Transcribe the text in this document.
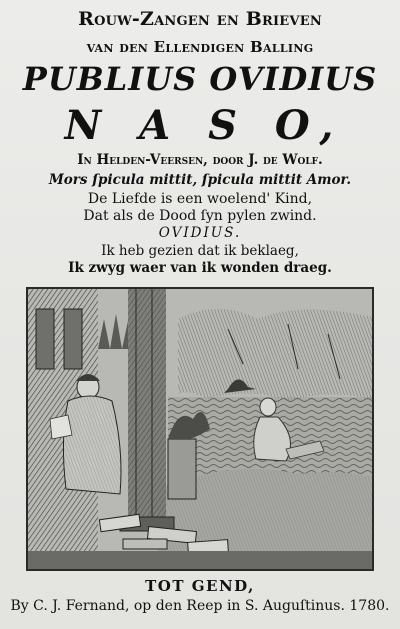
Rouw-Zangen en Brieven
van den Ellendigen Balling
PUBLIUS OVIDIUS
N A S O,
In Helden-Veersen, door J. de Wolf.
Mors ſpicula mittit, ſpicula mittit Amor.
De Liefde is een woelend' Kind,
Dat als de Dood ſyn pylen zwind.
OVIDIUS.
Ik heb gezien dat ik beklaeg,
Ik zwyg waer van ik wonden draeg.
TOT GEND,
By C. J. Fernand, op den Reep in S. Auguſtinus. 1780.
